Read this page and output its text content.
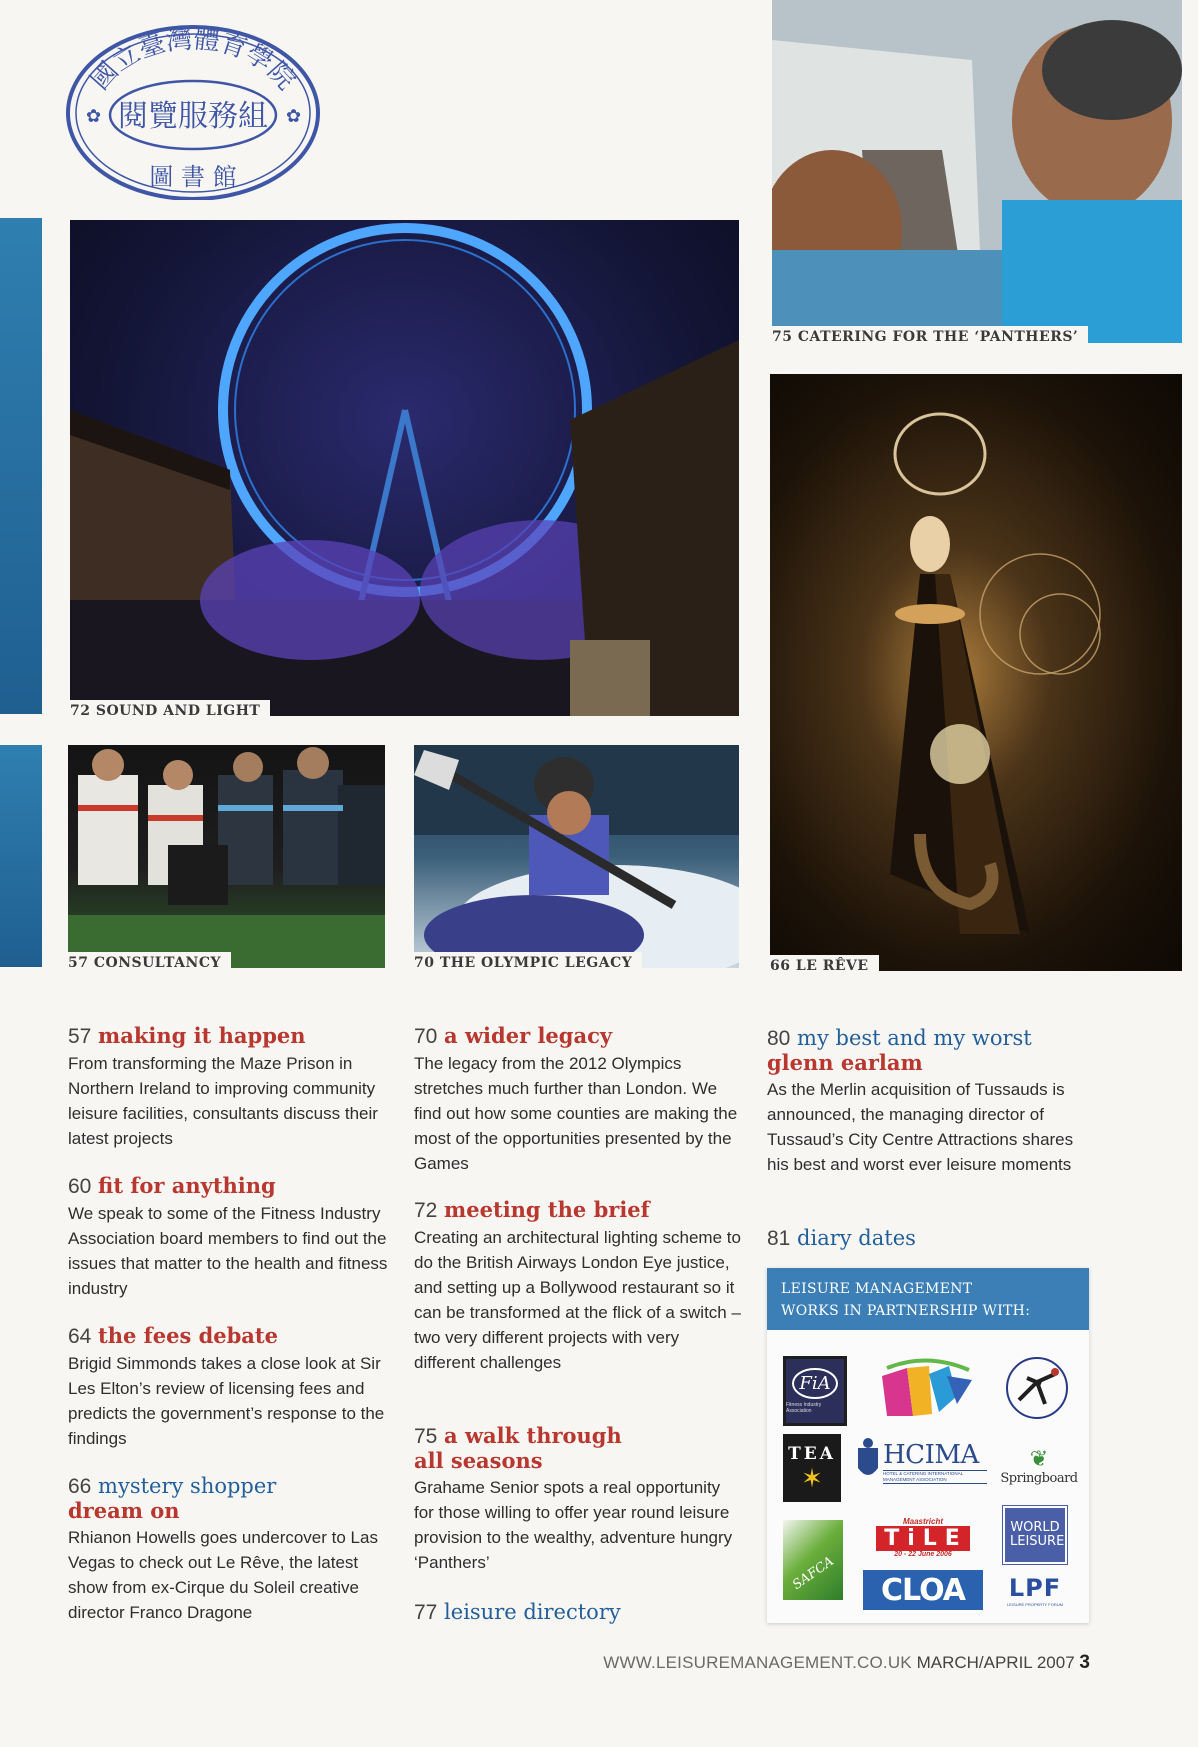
國立臺灣體育學院
閱覽服務組
圖 書 館
✿	✿
75 CATERING FOR THE ‘PANTHERS’
72 SOUND AND LIGHT
66 LE RÊVE
57 CONSULTANCY	70 THE OLYMPIC LEGACY

57 making it happen

From transforming the Maze Prison in Northern Ireland to improving community leisure facilities, consultants discuss their latest projects

60 fit for anything

We speak to some of the Fitness Industry Association board members to find out the issues that matter to the health and fitness industry

64 the fees debate

Brigid Simmonds takes a close look at Sir Les Elton’s review of licensing fees and predicts the government’s response to the findings

66 mystery shopper
dream on

Rhianon Howells goes undercover to Las Vegas to check out Le Rêve, the latest show from ex-Cirque du Soleil creative director Franco Dragone

70 a wider legacy

The legacy from the 2012 Olympics stretches much further than London. We find out how some counties are making the most of the opportunities presented by the Games

72 meeting the brief

Creating an architectural lighting scheme to do the British Airways London Eye justice, and setting up a Bollywood restaurant so it can be transformed at the flick of a switch – two very different projects with very different challenges

75 a walk through
all seasons

Grahame Senior spots a real opportunity for those willing to offer year round leisure provision to the wealthy, adventure hungry ‘Panthers’

77 leisure directory

80 my best and my worst
glenn earlam

As the Merlin acquisition of Tussauds is announced, the managing director of Tussaud’s City Centre Attractions shares his best and worst ever leisure moments

81 diary dates

LEISURE MANAGEMENT
WORKS IN PARTNERSHIP WITH:
FiA
Fitness Industry Association
TEA
✶
HCIMA
HOTEL & CATERING INTERNATIONAL MANAGEMENT ASSOCIATION
❦
Springboard
SAFCA
Maastricht
TiLE
20 - 22 June 2006
CLOA
WORLD LEISURE
LPF
LEISURE PROPERTY FORUM
WWW.LEISUREMANAGEMENT.CO.UK MARCH/APRIL 2007 3
